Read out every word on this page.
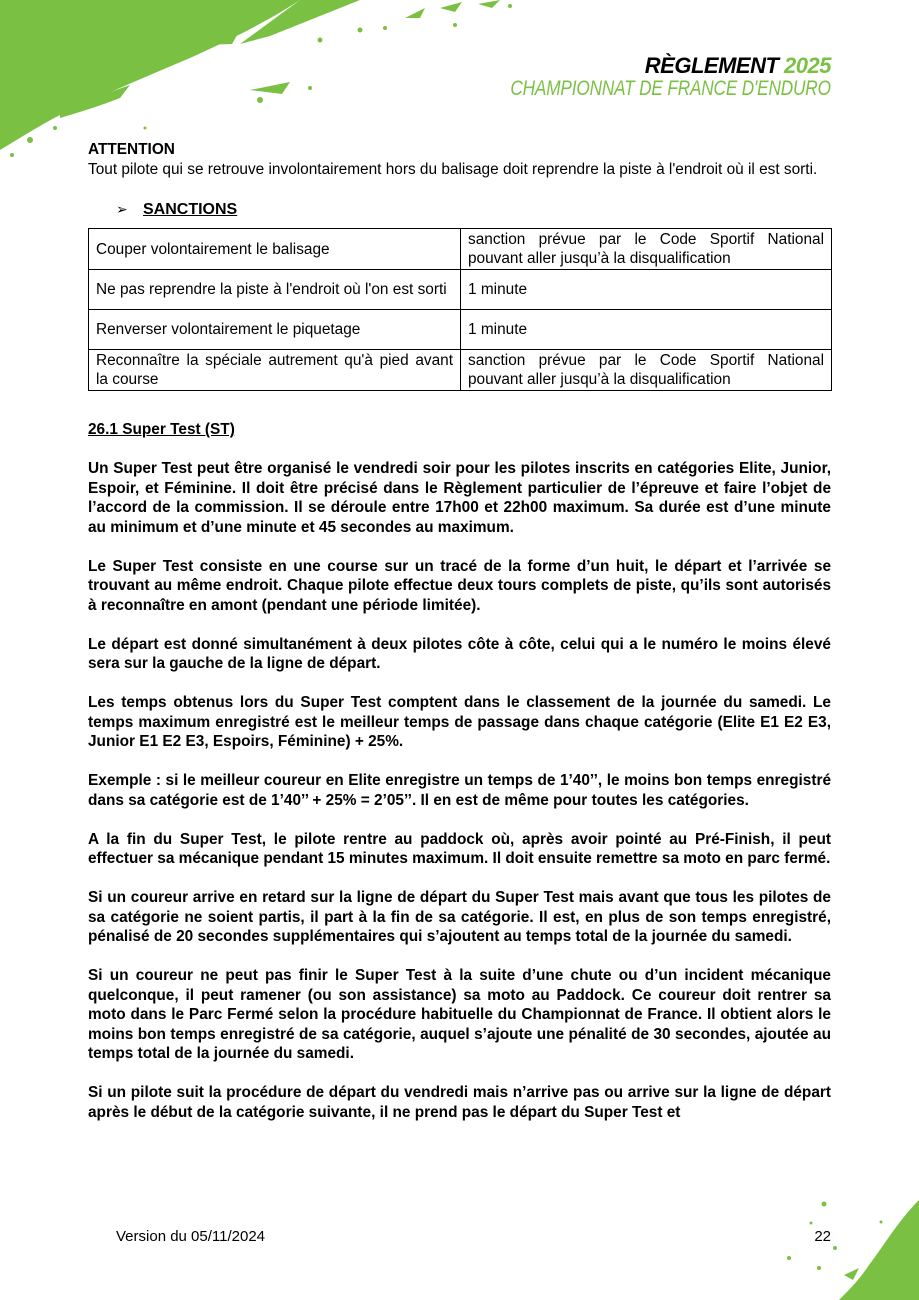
RÈGLEMENT 2025
CHAMPIONNAT DE FRANCE D'ENDURO

ATTENTION

Tout pilote qui se retrouve involontairement hors du balisage doit reprendre la piste à l'endroit où il est sorti.

➢ SANCTIONS
Couper volontairement le balisage	sanction prévue par le Code Sportif National pouvant aller jusqu’à la disqualification
Ne pas reprendre la piste à l'endroit où l'on est sorti	1 minute
Renverser volontairement le piquetage	1 minute
Reconnaître la spéciale autrement qu'à pied avant la course	sanction prévue par le Code Sportif National pouvant aller jusqu’à la disqualification

26.1 Super Test (ST)

Un Super Test peut être organisé le vendredi soir pour les pilotes inscrits en catégories Elite, Junior, Espoir, et Féminine. Il doit être précisé dans le Règlement particulier de l’épreuve et faire l’objet de l’accord de la commission. Il se déroule entre 17h00 et 22h00 maximum. Sa durée est d’une minute au minimum et d’une minute et 45 secondes au maximum.

Le Super Test consiste en une course sur un tracé de la forme d’un huit, le départ et l’arrivée se trouvant au même endroit. Chaque pilote effectue deux tours complets de piste, qu’ils sont autorisés à reconnaître en amont (pendant une période limitée).

Le départ est donné simultanément à deux pilotes côte à côte, celui qui a le numéro le moins élevé sera sur la gauche de la ligne de départ.

Les temps obtenus lors du Super Test comptent dans le classement de la journée du samedi. Le temps maximum enregistré est le meilleur temps de passage dans chaque catégorie (Elite E1 E2 E3, Junior E1 E2 E3, Espoirs, Féminine) + 25%.

Exemple : si le meilleur coureur en Elite enregistre un temps de 1’40’’, le moins bon temps enregistré dans sa catégorie est de 1’40’’ + 25% = 2’05’’. Il en est de même pour toutes les catégories.

A la fin du Super Test, le pilote rentre au paddock où, après avoir pointé au Pré-Finish, il peut effectuer sa mécanique pendant 15 minutes maximum. Il doit ensuite remettre sa moto en parc fermé.

Si un coureur arrive en retard sur la ligne de départ du Super Test mais avant que tous les pilotes de sa catégorie ne soient partis, il part à la fin de sa catégorie. Il est, en plus de son temps enregistré, pénalisé de 20 secondes supplémentaires qui s’ajoutent au temps total de la journée du samedi.

Si un coureur ne peut pas finir le Super Test à la suite d’une chute ou d’un incident mécanique quelconque, il peut ramener (ou son assistance) sa moto au Paddock. Ce coureur doit rentrer sa moto dans le Parc Fermé selon la procédure habituelle du Championnat de France. Il obtient alors le moins bon temps enregistré de sa catégorie, auquel s’ajoute une pénalité de 30 secondes, ajoutée au temps total de la journée du samedi.

Si un pilote suit la procédure de départ du vendredi mais n’arrive pas ou arrive sur la ligne de départ après le début de la catégorie suivante, il ne prend pas le départ du Super Test et

Version du 05/11/2024	22
